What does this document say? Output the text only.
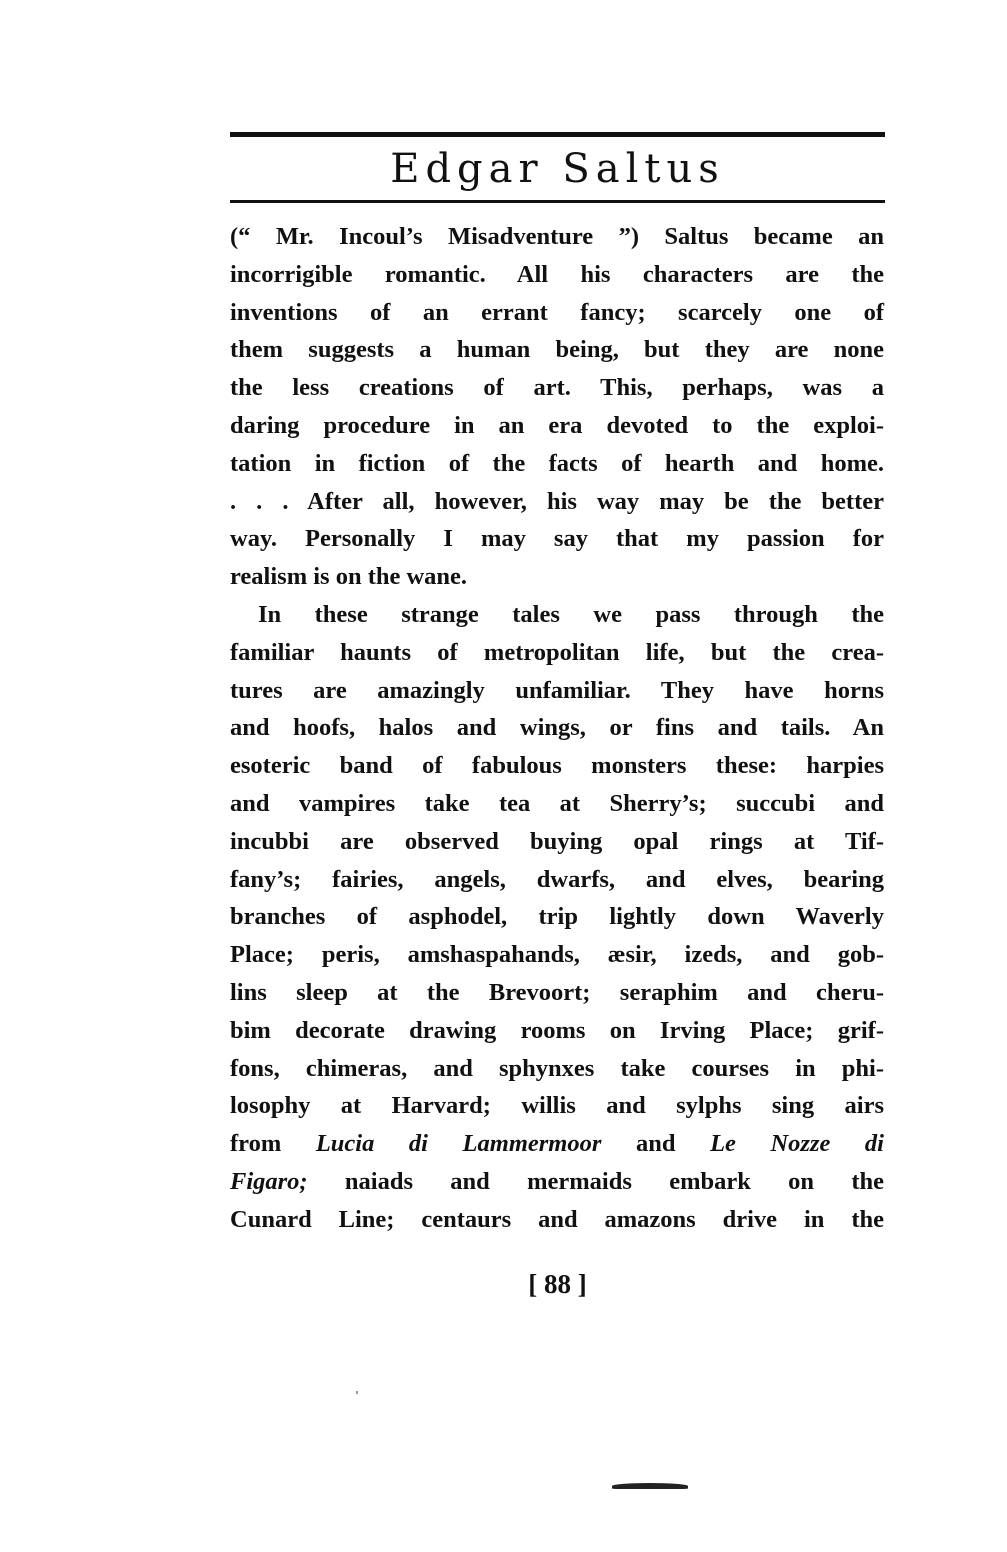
Edgar Saltus
(“ Mr. Incoul’s Misadventure ”) Saltus became an
incorrigible romantic. All his characters are the
inventions of an errant fancy; scarcely one of
them suggests a human being, but they are none
the less creations of art. This, perhaps, was a
daring procedure in an era devoted to the exploi-
tation in fiction of the facts of hearth and home.
. . . After all, however, his way may be the better
way. Personally I may say that my passion for
realism is on the wane.
In these strange tales we pass through the
familiar haunts of metropolitan life, but the crea-
tures are amazingly unfamiliar. They have horns
and hoofs, halos and wings, or fins and tails. An
esoteric band of fabulous monsters these: harpies
and vampires take tea at Sherry’s; succubi and
incubbi are observed buying opal rings at Tif-
fany’s; fairies, angels, dwarfs, and elves, bearing
branches of asphodel, trip lightly down Waverly
Place; peris, amshaspahands, æsir, izeds, and gob-
lins sleep at the Brevoort; seraphim and cheru-
bim decorate drawing rooms on Irving Place; grif-
fons, chimeras, and sphynxes take courses in phi-
losophy at Harvard; willis and sylphs sing airs
from Lucia di Lammermoor and Le Nozze di
Figaro; naiads and mermaids embark on the
Cunard Line; centaurs and amazons drive in the
[ 88 ]
